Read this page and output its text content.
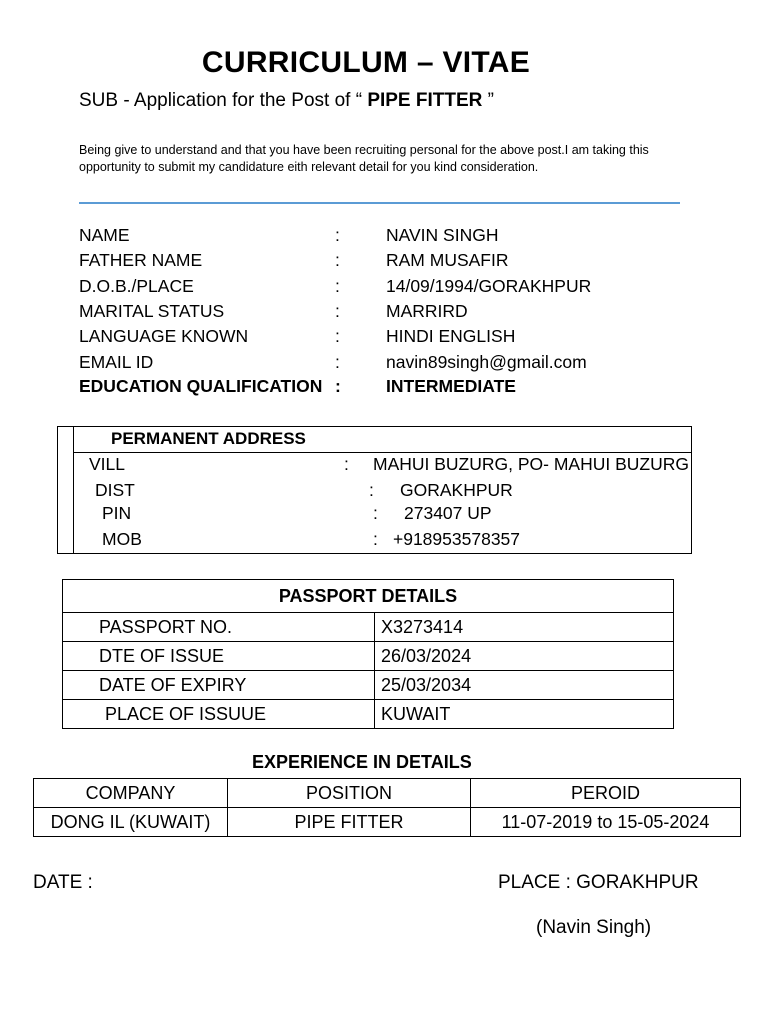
CURRICULUM – VITAE
SUB - Application for the Post of “ PIPE FITTER ”
Being give to understand and that you have been recruiting personal for the above post.I am taking this opportunity to submit my candidature eith relevant detail for you kind consideration.
NAME	:	NAVIN SINGH
FATHER NAME	:	RAM MUSAFIR
D.O.B./PLACE	:	14/09/1994/GORAKHPUR
MARITAL STATUS	:	MARRIRD
LANGUAGE KNOWN	:	HINDI ENGLISH
EMAIL ID	:	navin89singh@gmail.com
EDUCATION QUALIFICATION :	INTERMEDIATE
PERMANENT ADDRESS
VILL	: MAHUI BUZURG, PO- MAHUI BUZURG
DIST	: GORAKHPUR
PIN	: 273407 UP
MOB	: +918953578357
PASSPORT DETAILS	
PASSPORT NO.	X3273414
DTE OF ISSUE	26/03/2024
DATE OF EXPIRY	25/03/2034
PLACE OF ISSUUE	KUWAIT
EXPERIENCE IN DETAILS
COMPANY	POSITION	PEROID
DONG IL (KUWAIT)	PIPE FITTER	11-07-2019 to 15-05-2024
DATE :	PLACE : GORAKHPUR
(Navin Singh)
